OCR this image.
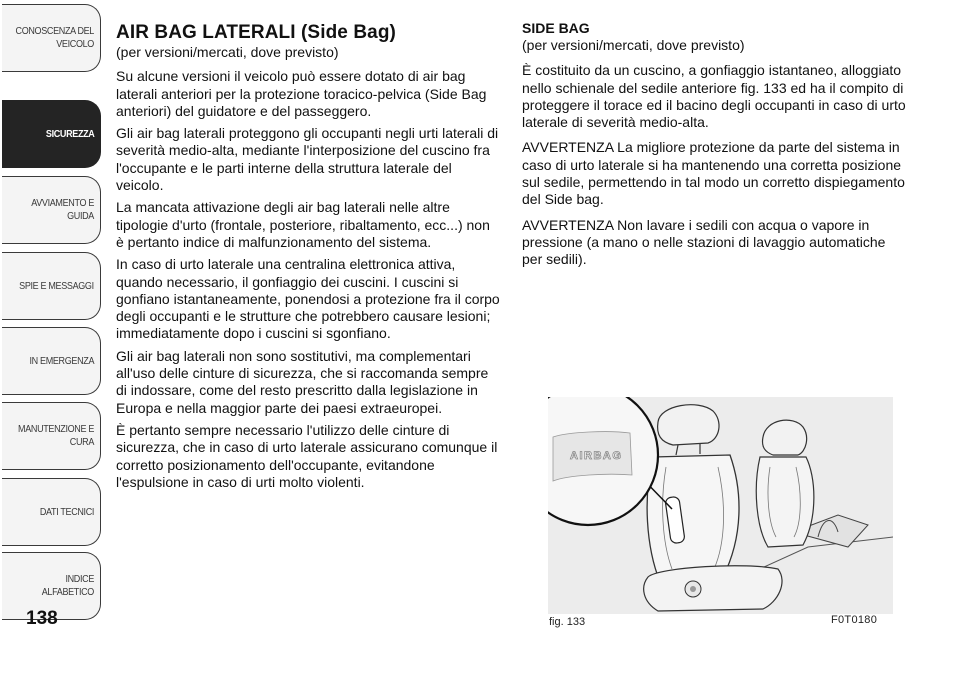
CONOSCENZA DEL VEICOLO
SICUREZZA
AVVIAMENTO E GUIDA
SPIE E MESSAGGI
IN EMERGENZA
MANUTENZIONE E CURA
DATI TECNICI
INDICE ALFABETICO
138
AIR BAG LATERALI (Side Bag)
(per versioni/mercati, dove previsto)

Su alcune versioni il veicolo può essere dotato di air bag laterali anteriori per la protezione toracico-pelvica (Side Bag anteriori) del guidatore e del passeggero.

Gli air bag laterali proteggono gli occupanti negli urti laterali di severità medio-alta, mediante l'interposizione del cuscino fra l'occupante e le parti interne della struttura laterale del veicolo.

La mancata attivazione degli air bag laterali nelle altre tipologie d'urto (frontale, posteriore, ribaltamento, ecc...) non è pertanto indice di malfunzionamento del sistema.

In caso di urto laterale una centralina elettronica attiva, quando necessario, il gonfiaggio dei cuscini. I cuscini si gonfiano istantaneamente, ponendosi a protezione fra il corpo degli occupanti e le strutture che potrebbero causare lesioni; immediatamente dopo i cuscini si sgonfiano.

Gli air bag laterali non sono sostitutivi, ma complementari all'uso delle cinture di sicurezza, che si raccomanda sempre di indossare, come del resto prescritto dalla legislazione in Europa e nella maggior parte dei paesi extraeuropei.

È pertanto sempre necessario l'utilizzo delle cinture di sicurezza, che in caso di urto laterale assicurano comunque il corretto posizionamento dell'occupante, evitandone l'espulsione in caso di urti molto violenti.

SIDE BAG
(per versioni/mercati, dove previsto)

È costituito da un cuscino, a gonfiaggio istantaneo, alloggiato nello schienale del sedile anteriore fig. 133 ed ha il compito di proteggere il torace ed il bacino degli occupanti in caso di urto laterale di severità medio-alta.

AVVERTENZA La migliore protezione da parte del sistema in caso di urto laterale si ha mantenendo una corretta posizione sul sedile, permettendo in tal modo un corretto dispiegamento del Side bag.

AVVERTENZA Non lavare i sedili con acqua o vapore in pressione (a mano o nelle stazioni di lavaggio automatiche per sedili).

AIRBAG
fig. 133	F0T0180
